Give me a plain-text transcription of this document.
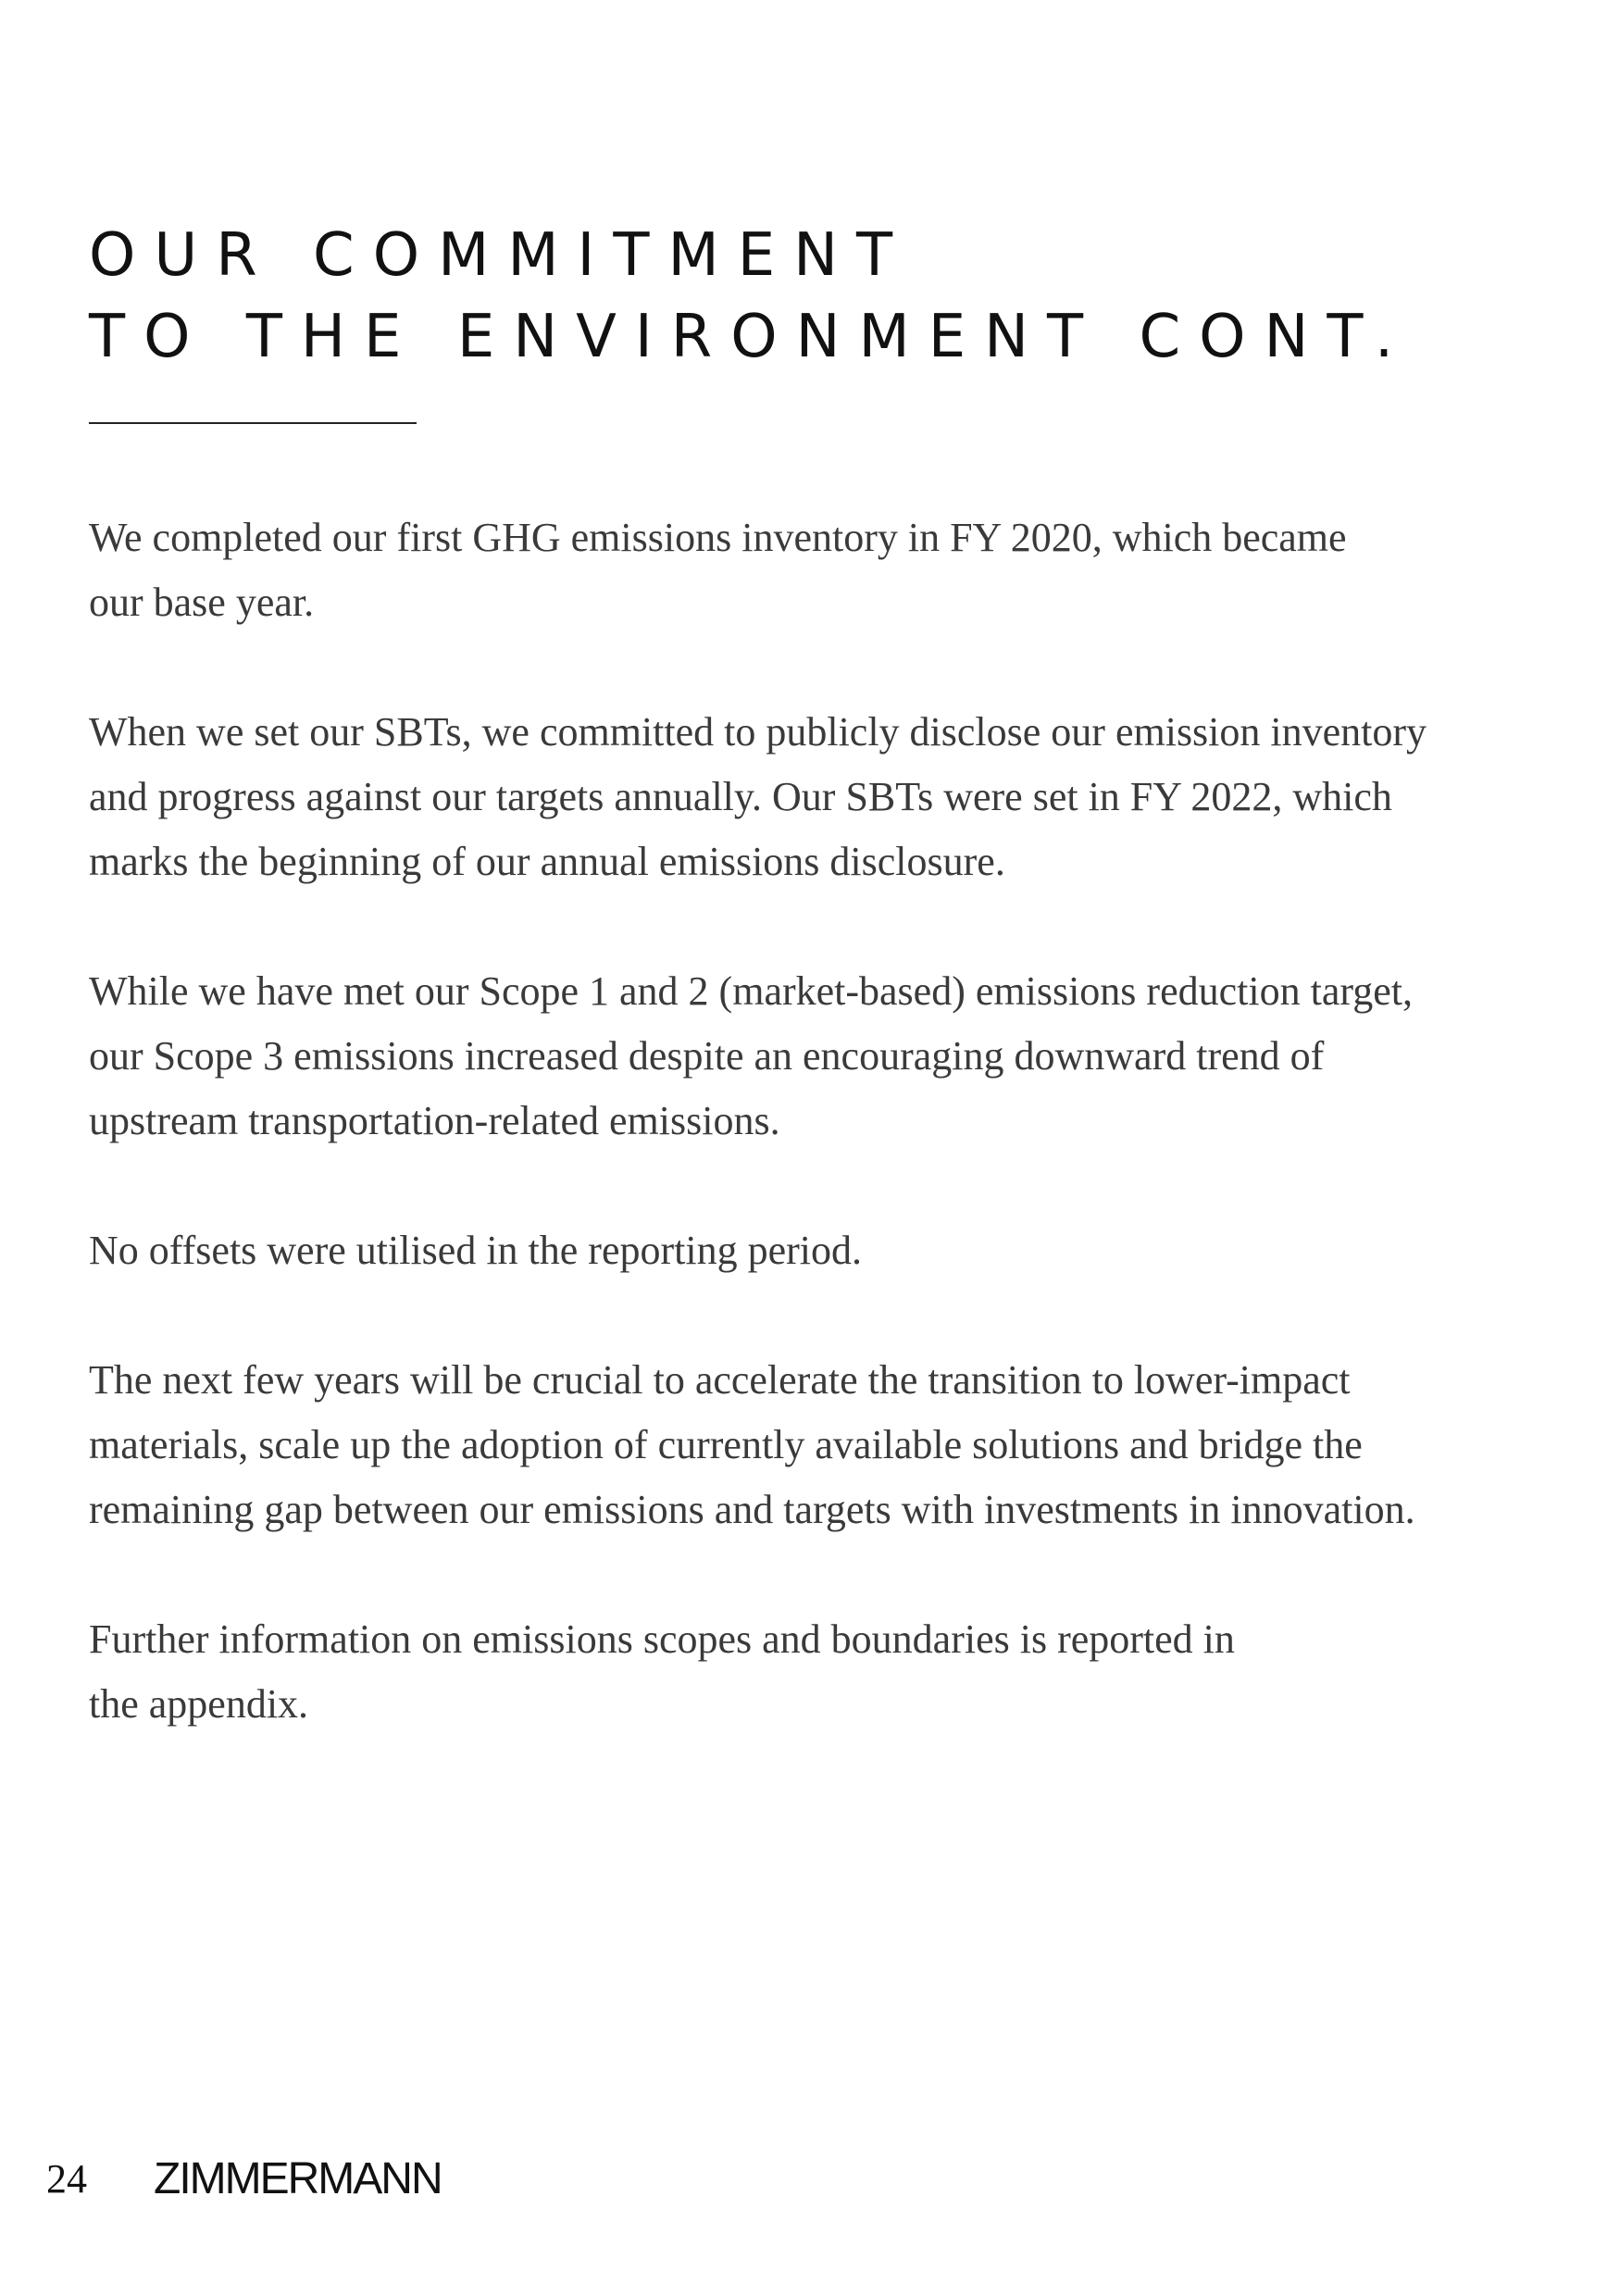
OUR COMMITMENT
TO THE ENVIRONMENT CONT.

We completed our first GHG emissions inventory in FY 2020, which became
our base year.

When we set our SBTs, we committed to publicly disclose our emission inventory
and progress against our targets annually. Our SBTs were set in FY 2022, which
marks the beginning of our annual emissions disclosure.

While we have met our Scope 1 and 2 (market-based) emissions reduction target,
our Scope 3 emissions increased despite an encouraging downward trend of
upstream transportation-related emissions.

No offsets were utilised in the reporting period.

The next few years will be crucial to accelerate the transition to lower-impact
materials, scale up the adoption of currently available solutions and bridge the
remaining gap between our emissions and targets with investments in innovation.

Further information on emissions scopes and boundaries is reported in
the appendix.

24 ZIMMERMANN
